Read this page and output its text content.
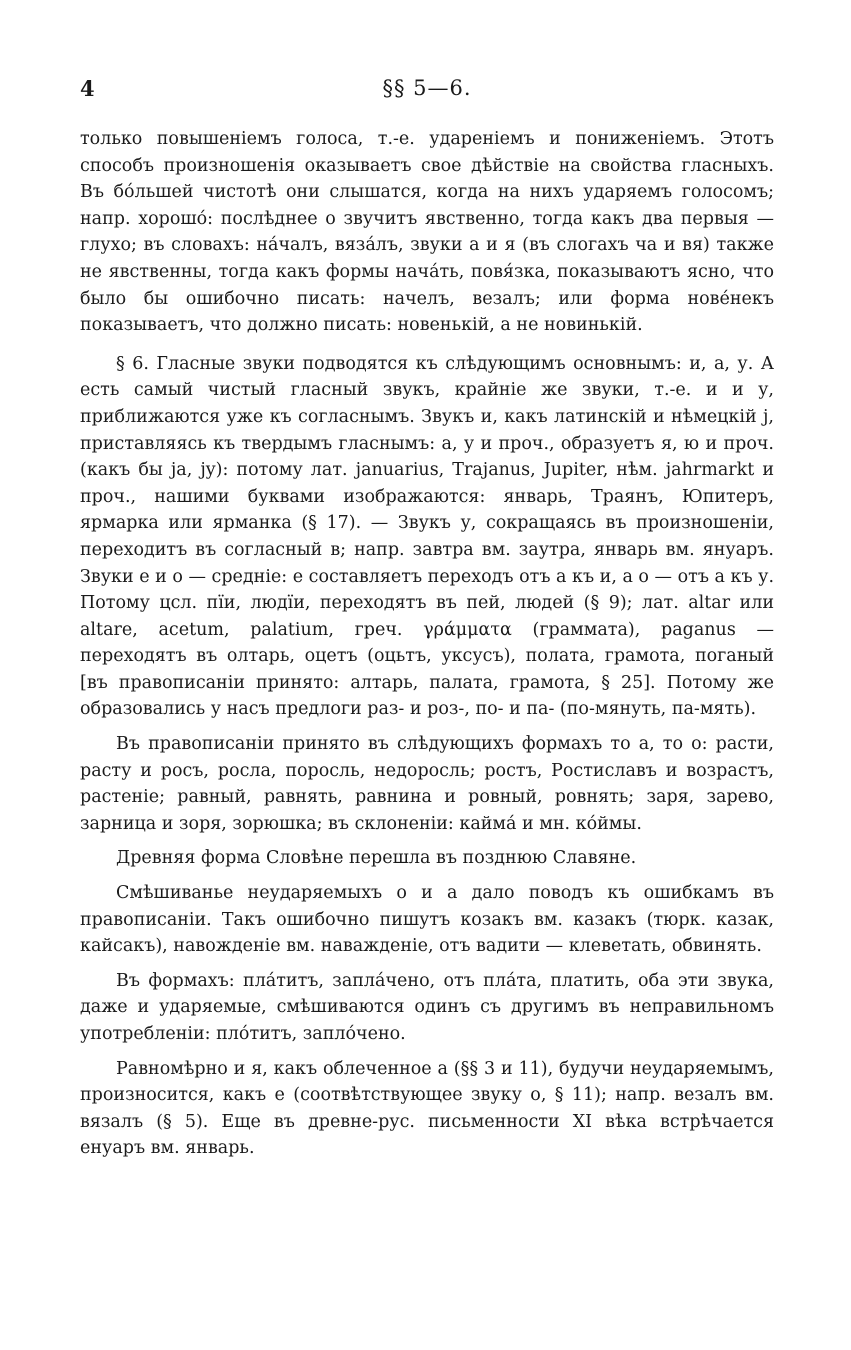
4	§§ 5—6.

только повышеніемъ голоса, т.-е. удареніемъ и пониженіемъ. Этотъ способъ произношенія оказываетъ свое дѣйствіе на свойства гласныхъ. Въ бо́льшей чистотѣ они слышатся, когда на нихъ ударяемъ голосомъ; напр. хорошо́: послѣднее о звучитъ явственно, тогда какъ два первыя — глухо; въ словахъ: на́чалъ, вяза́лъ, звуки а и я (въ слогахъ ча и вя) также не явственны, тогда какъ формы нача́ть, повя́зка, показываютъ ясно, что было бы ошибочно писать: начелъ, везалъ; или форма нове́некъ показываетъ, что должно писать: новенькій, а не новинькій.

§ 6. Гласные звуки подводятся къ слѣдующимъ основнымъ: и, а, у. А есть самый чистый гласный звукъ, крайніе же звуки, т.-е. и и у, приближаются уже къ согласнымъ. Звукъ и, какъ латинскій и нѣмецкій j, приставляясь къ твердымъ гласнымъ: а, у и проч., образуетъ я, ю и проч. (какъ бы ja, jy): потому лат. januarius, Trajanus, Jupiter, нѣм. jahrmarkt и проч., нашими буквами изображаются: январь, Траянъ, Юпитеръ, ярмарка или ярманка (§ 17). — Звукъ у, сокращаясь въ произношеніи, переходитъ въ согласный в; напр. завтра вм. заутра, январь вм. януаръ. Звуки е и о — средніе: е составляетъ переходъ отъ а къ и, а о — отъ а къ у. Потому цсл. пїи, людїи, переходятъ въ пей, людей (§ 9); лат. altar или altare, acetum, palatium, греч. γράμματα (грамматa), paganus — переходятъ въ олтарь, оцетъ (оцьтъ, уксусъ), полата, грамота, поганый [въ правописаніи принято: алтарь, палата, грамота, § 25]. Потому же образовались у насъ предлоги раз- и роз-, по- и па- (по-мянуть, па-мять).

Въ правописаніи принято въ слѣдующихъ формахъ то а, то о: расти, расту и росъ, росла, поросль, недоросль; ростъ, Ростиславъ и возрастъ, растеніе; равный, равнять, равнина и ровный, ровнять; заря, зарево, зарница и зоря, зорюшка; въ склоненіи: кайма́ и мн. ко́ймы.

Древняя форма Словѣне перешла въ позднюю Славяне.

Смѣшиванье неударяемыхъ о и а дало поводъ къ ошибкамъ въ правописаніи. Такъ ошибочно пишутъ козакъ вм. казакъ (тюрк. казак, кайсакъ), навожденіе вм. наважденіе, отъ вадити — клеветать, обвинять.

Въ формахъ: пла́титъ, запла́чено, отъ пла́та, платить, оба эти звука, даже и ударяемые, смѣшиваются одинъ съ другимъ въ неправильномъ употребленіи: пло́титъ, запло́чено.

Равномѣрно и я, какъ облеченное а (§§ 3 и 11), будучи неударяемымъ, произносится, какъ е (соотвѣтствующее звуку о, § 11); напр. везалъ вм. вязалъ (§ 5). Еще въ древне-рус. письменности XI вѣка встрѣчается енуаръ вм. январь.
